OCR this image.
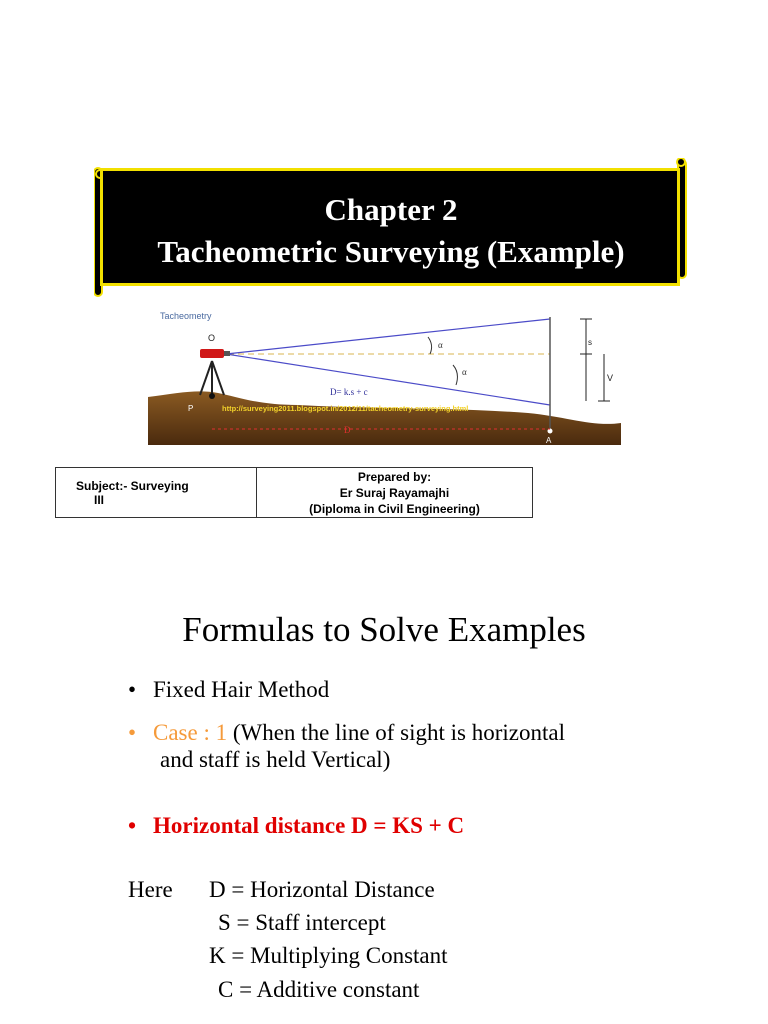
Chapter 2
Tacheometric Surveying (Example)
Tacheometry
α
α
s
V
O
P
A
D= k.s + c
http://surveying2011.blogspot.in/2012/11/tacheometry-surveying.html
D
Subject:- Surveying
III

Prepared by:
Er Suraj Rayamajhi
(Diploma in Civil Engineering)
Formulas to Solve Examples
• Fixed Hair Method
• Case : 1 (When the line of sight is horizontal
and staff is held Vertical)
• Horizontal distance D = KS + C
Here D = Horizontal Distance
S = Staff intercept
K = Multiplying Constant
C = Additive constant
